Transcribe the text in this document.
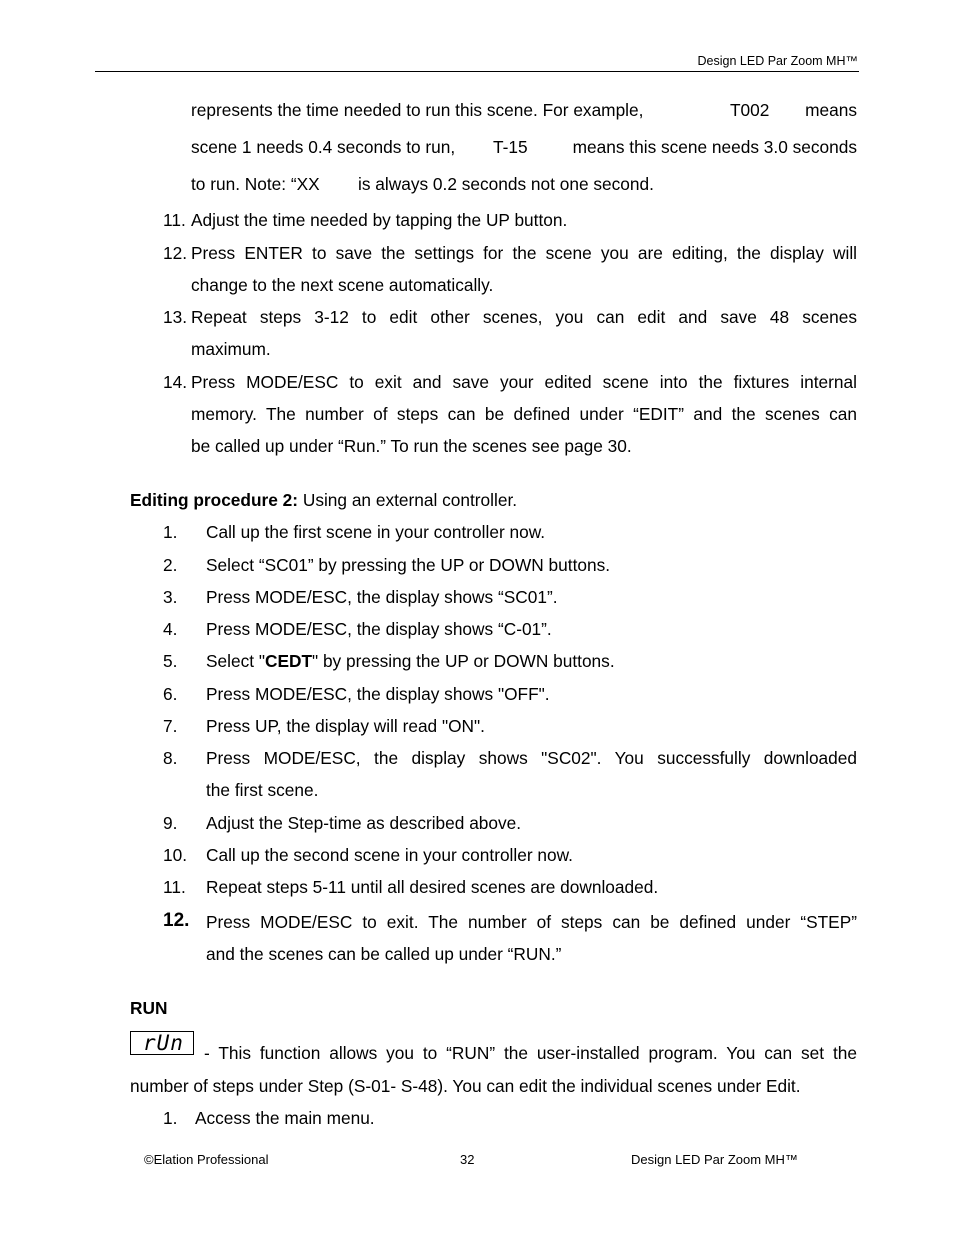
Design LED Par Zoom MH™
represents the time needed to run this scene. For example,	T002 means
scene 1 needs 0.4 seconds to run, T-15	means this scene needs 3.0 seconds
to run. Note: “XX is always 0.2 seconds not one second.
11. Adjust the time needed by tapping the UP button.
12. Press ENTER to save the settings for the scene you are editing, the display will
change to the next scene automatically.
13. Repeat steps 3-12 to edit other scenes, you can edit and save 48 scenes
maximum.
14. Press MODE/ESC to exit and save your edited scene into the fixtures internal
memory. The number of steps can be defined under “EDIT” and the scenes can
be called up under “Run.” To run the scenes see page 30.
Editing procedure 2: Using an external controller.
1. Call up the first scene in your controller now.
2. Select “SC01” by pressing the UP or DOWN buttons.
3. Press MODE/ESC, the display shows “SC01”.
4. Press MODE/ESC, the display shows “C-01”.
5. Select "CEDT" by pressing the UP or DOWN buttons.
6. Press MODE/ESC, the display shows "OFF".
7. Press UP, the display will read "ON".
8. Press MODE/ESC, the display shows "SC02". You successfully downloaded
the first scene.
9. Adjust the Step-time as described above.
10. Call up the second scene in your controller now.
11. Repeat steps 5-11 until all desired scenes are downloaded.
12. Press MODE/ESC to exit. The number of steps can be defined under “STEP”
and the scenes can be called up under “RUN.”
RUN
rUn - This function allows you to “RUN” the user-installed program. You can set the
number of steps under Step (S-01- S-48). You can edit the individual scenes under Edit.
1. Access the main menu.
©Elation Professional	32	Design LED Par Zoom MH™
